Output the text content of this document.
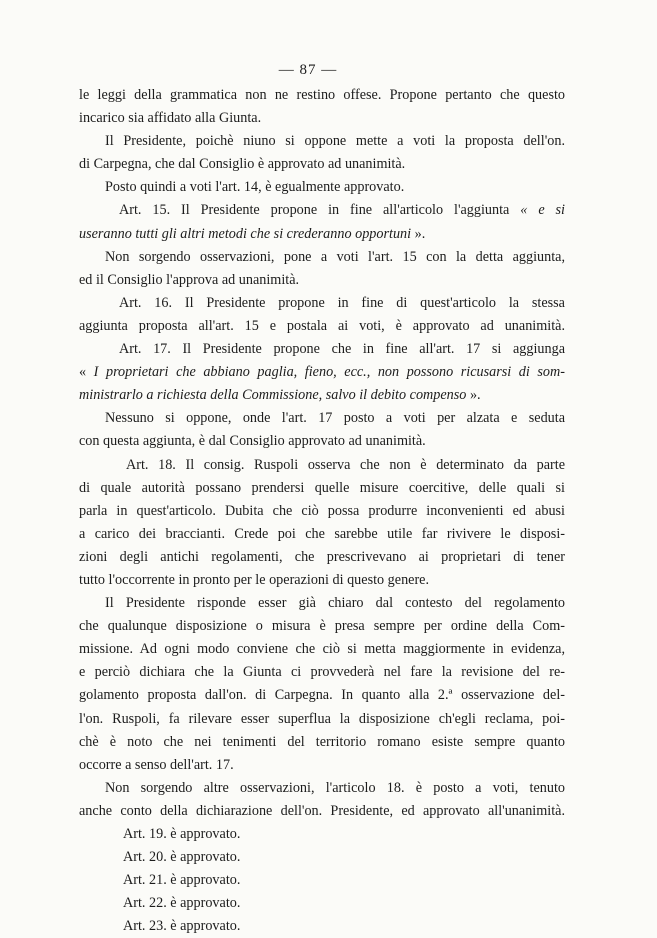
— 87 —
le leggi della grammatica non ne restino offese. Propone pertanto che questo
incarico sia affidato alla Giunta.
Il Presidente, poichè niuno si oppone mette a voti la proposta dell'on.
di Carpegna, che dal Consiglio è approvato ad unanimità.
Posto quindi a voti l'art. 14, è egualmente approvato.
Art. 15. Il Presidente propone in fine all'articolo l'aggiunta « e si
useranno tutti gli altri metodi che si crederanno opportuni ».
Non sorgendo osservazioni, pone a voti l'art. 15 con la detta aggiunta,
ed il Consiglio l'approva ad unanimità.
Art. 16. Il Presidente propone in fine di quest'articolo la stessa
aggiunta proposta all'art. 15 e postala ai voti, è approvato ad unanimità.
Art. 17. Il Presidente propone che in fine all'art. 17 si aggiunga
« I proprietari che abbiano paglia, fieno, ecc., non possono ricusarsi di som-
ministrarlo a richiesta della Commissione, salvo il debito compenso ».
Nessuno si oppone, onde l'art. 17 posto a voti per alzata e seduta
con questa aggiunta, è dal Consiglio approvato ad unanimità.
Art. 18. Il consig. Ruspoli osserva che non è determinato da parte
di quale autorità possano prendersi quelle misure coercitive, delle quali si
parla in quest'articolo. Dubita che ciò possa produrre inconvenienti ed abusi
a carico dei braccianti. Crede poi che sarebbe utile far rivivere le disposi-
zioni degli antichi regolamenti, che prescrivevano ai proprietari di tener
tutto l'occorrente in pronto per le operazioni di questo genere.
Il Presidente risponde esser già chiaro dal contesto del regolamento
che qualunque disposizione o misura è presa sempre per ordine della Com-
missione. Ad ogni modo conviene che ciò si metta maggiormente in evidenza,
e perciò dichiara che la Giunta ci provvederà nel fare la revisione del re-
golamento proposta dall'on. di Carpegna. In quanto alla 2.ª osservazione del-
l'on. Ruspoli, fa rilevare esser superflua la disposizione ch'egli reclama, poi-
chè è noto che nei tenimenti del territorio romano esiste sempre quanto
occorre a senso dell'art. 17.
Non sorgendo altre osservazioni, l'articolo 18. è posto a voti, tenuto
anche conto della dichiarazione dell'on. Presidente, ed approvato all'unanimità.
Art. 19. è approvato.
Art. 20. è approvato.
Art. 21. è approvato.
Art. 22. è approvato.
Art. 23. è approvato.
